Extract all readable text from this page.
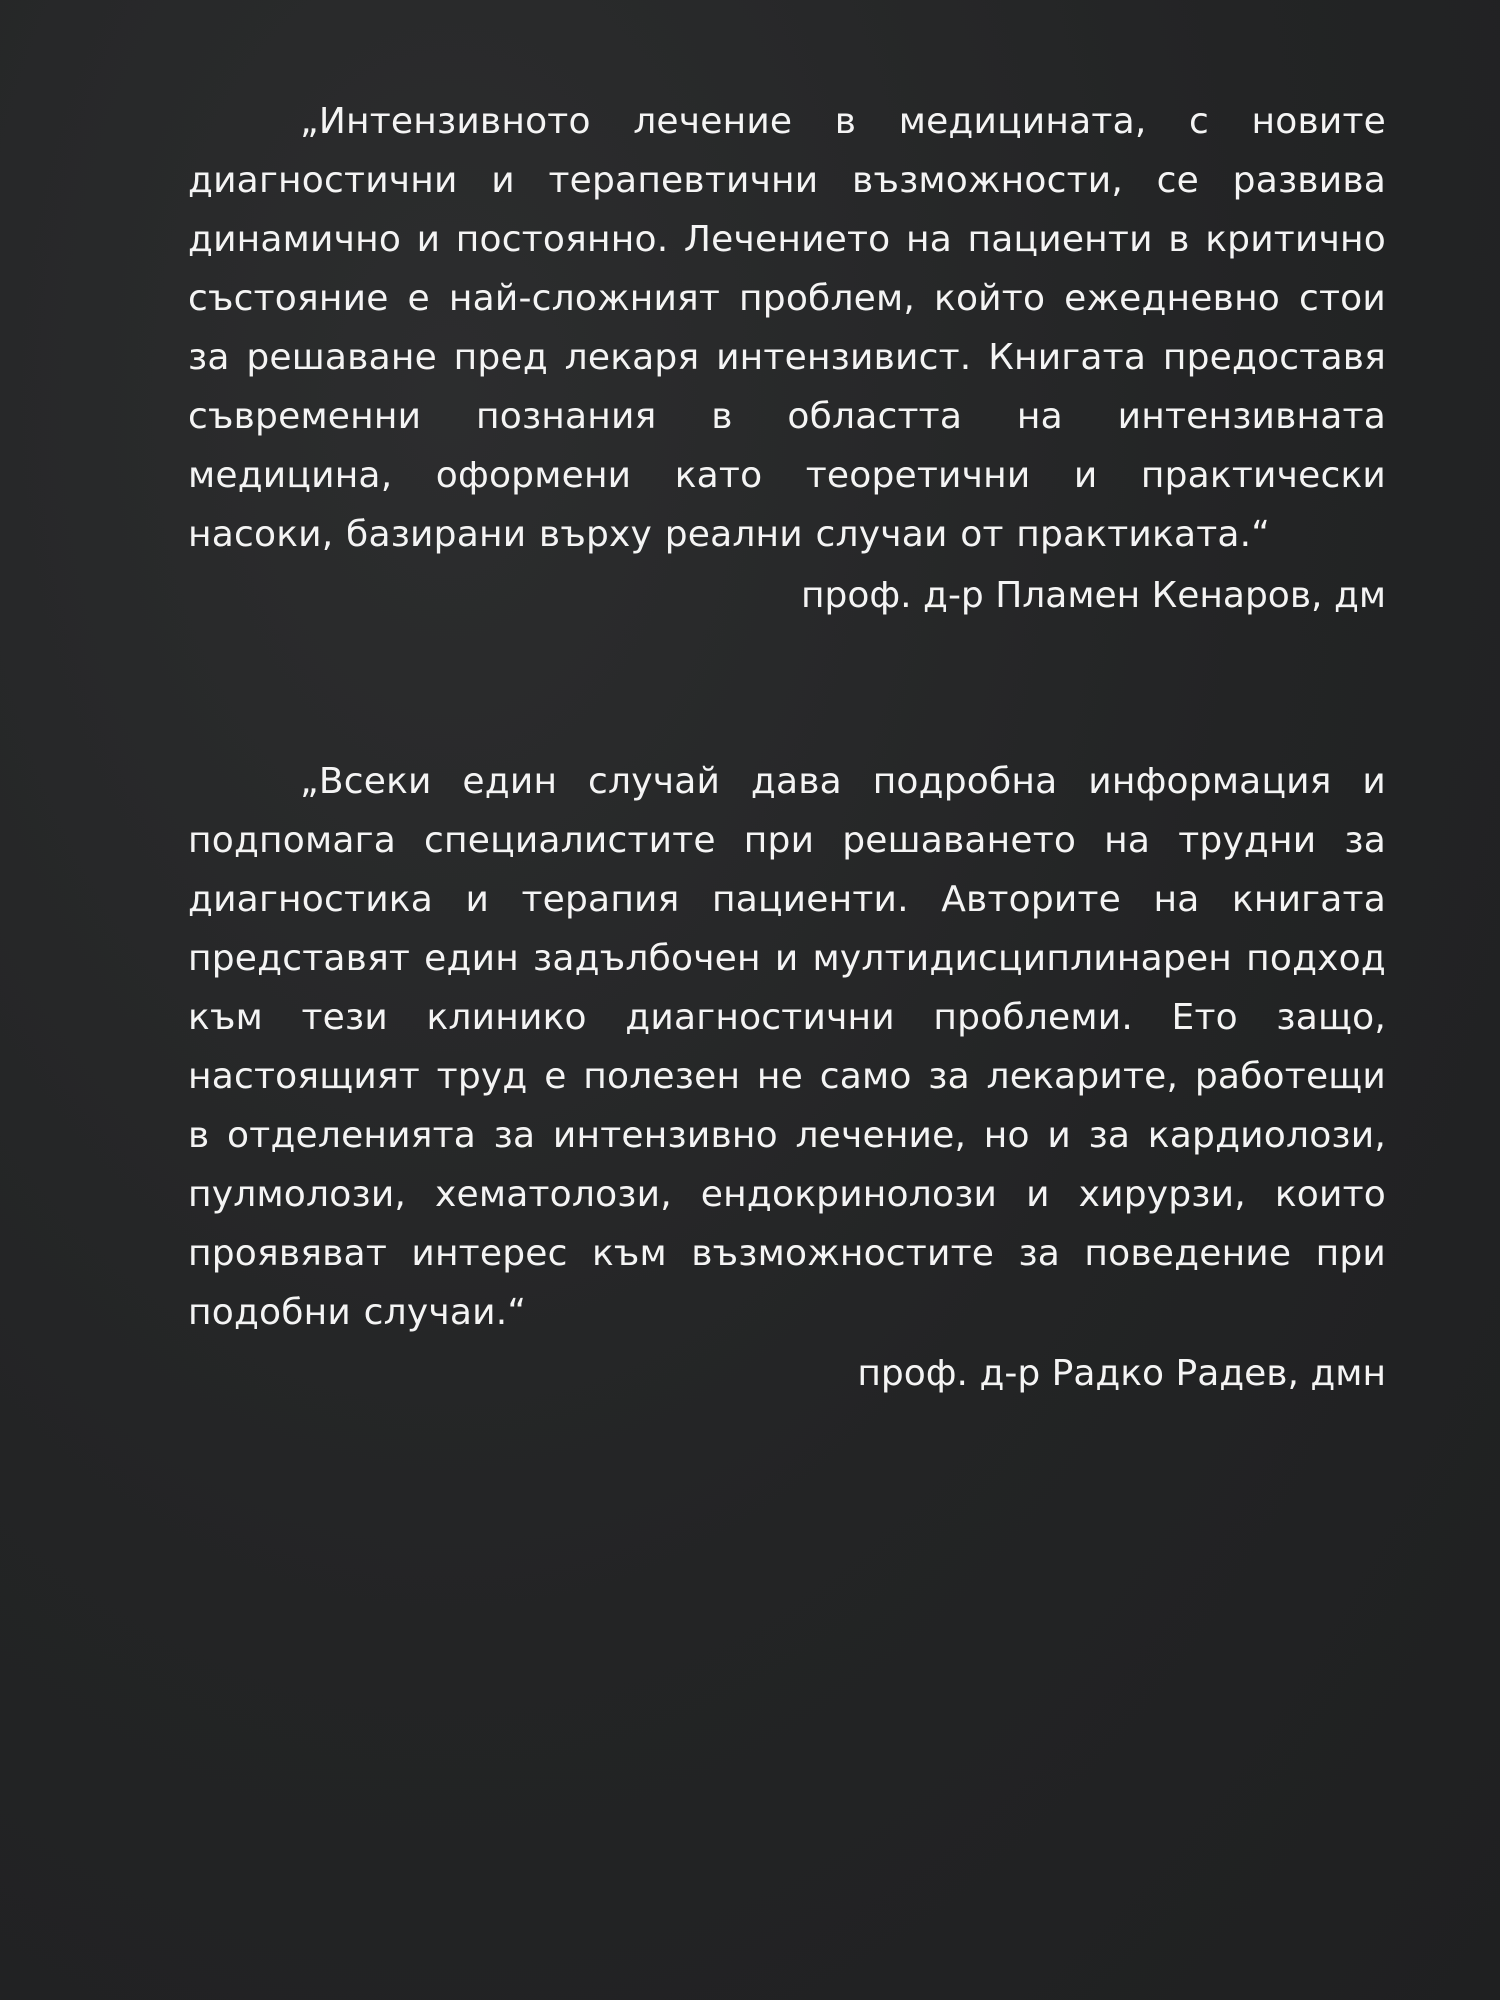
„Интензивното лечение в медицината, с новите диагностични и терапевтични възможности, се развива динамично и постоянно. Лечението на пациенти в критично състояние е най-сложният проблем, който ежедневно стои за решаване пред лекаря интензивист. Книгата предоставя съвременни познания в областта на интензивната медицина, оформени като теоретични и практически насоки, базирани върху реални случаи от практиката.“

проф. д-р Пламен Кенаров, дм

„Всеки един случай дава подробна информация и подпомага специалистите при решаването на трудни за диагностика и терапия пациенти. Авторите на книгата представят един задълбочен и мултидисциплинарен подход към тези клинико диагностични проблеми. Ето защо, настоящият труд е полезен не само за лекарите, работещи в отделенията за интензивно лечение, но и за кардиолози, пулмолози, хематолози, ендокринолози и хирурзи, които проявяват интерес към възможностите за поведение при подобни случаи.“

проф. д-р Радко Радев, дмн
